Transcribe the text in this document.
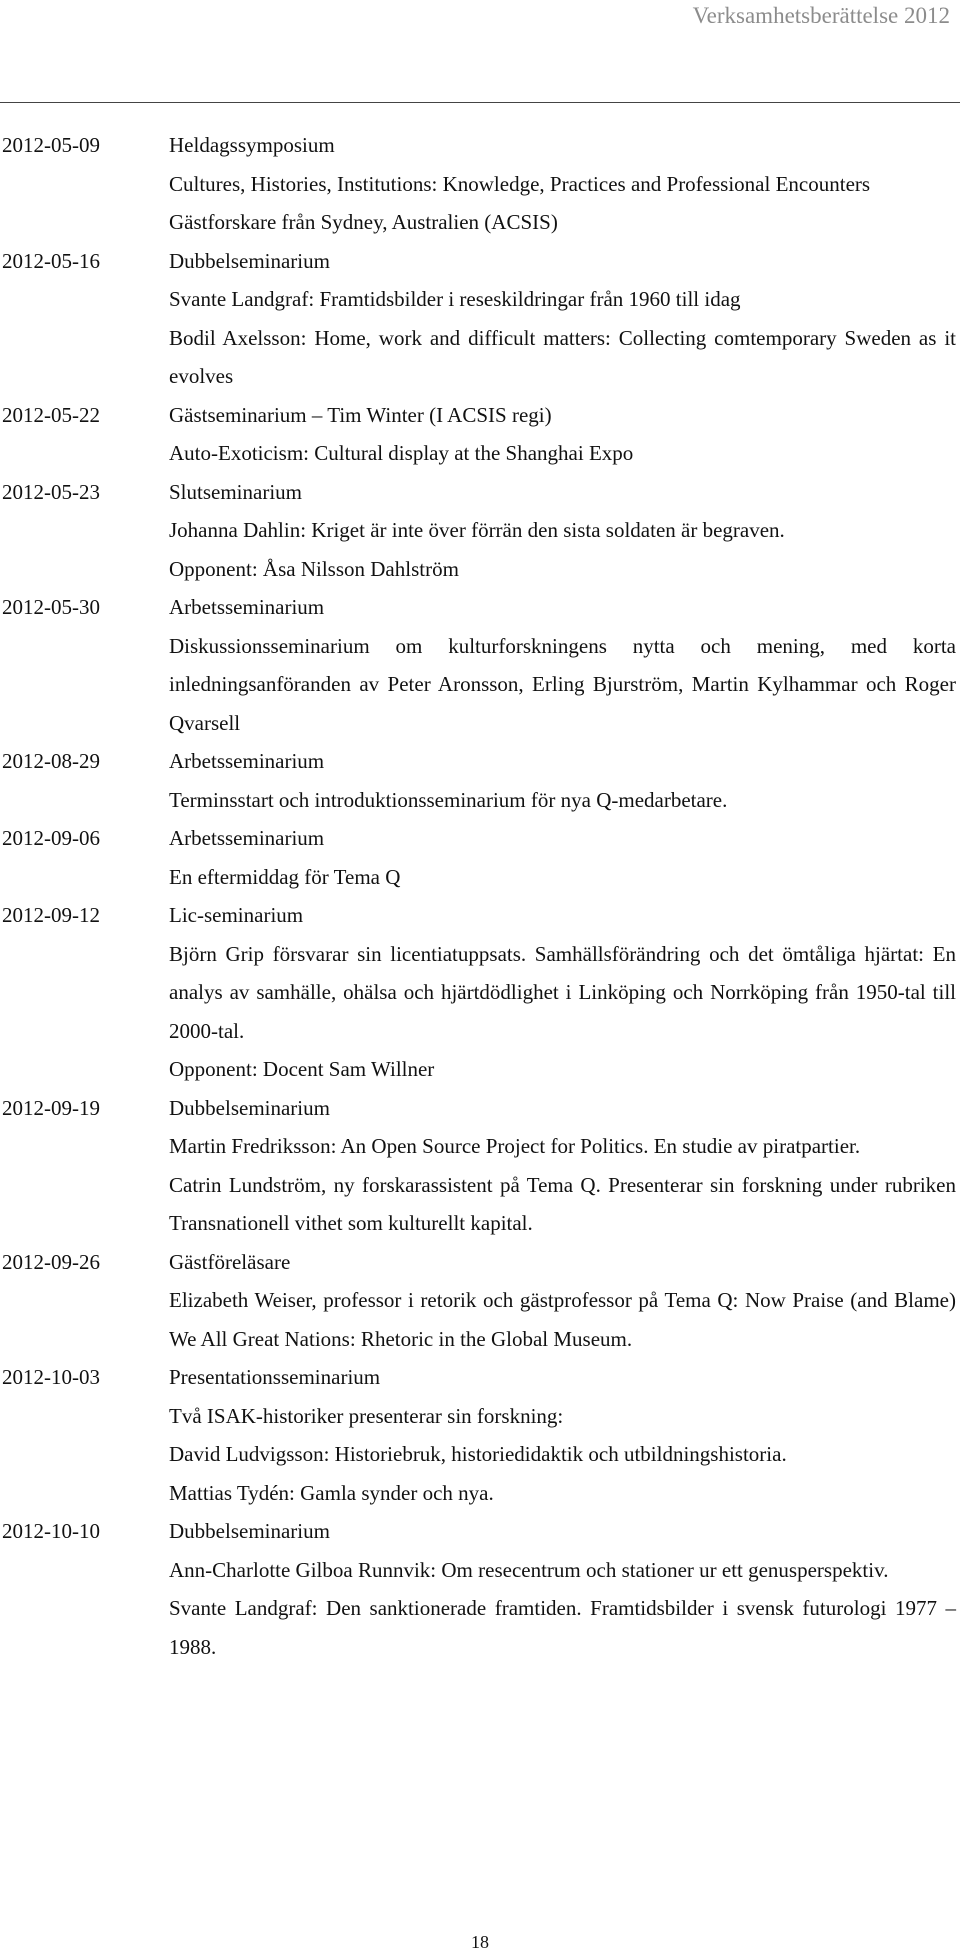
Verksamhetsberättelse 2012
2012-05-09	Heldagssymposium
Cultures, Histories, Institutions: Knowledge, Practices and Professional Encounters
Gästforskare från Sydney, Australien (ACSIS)
2012-05-16	Dubbelseminarium
Svante Landgraf: Framtidsbilder i reseskildringar från 1960 till idag
Bodil Axelsson: Home, work and difficult matters: Collecting comtemporary Sweden as it evolves
2012-05-22	Gästseminarium – Tim Winter (I ACSIS regi)
Auto-Exoticism: Cultural display at the Shanghai Expo
2012-05-23	Slutseminarium
Johanna Dahlin: Kriget är inte över förrän den sista soldaten är begraven.
Opponent: Åsa Nilsson Dahlström
2012-05-30	Arbetsseminarium
Diskussionsseminarium om kulturforskningens nytta och mening, med korta inledningsanföranden av Peter Aronsson, Erling Bjurström, Martin Kylhammar och Roger Qvarsell
2012-08-29	Arbetsseminarium
Terminsstart och introduktionsseminarium för nya Q-medarbetare.
2012-09-06	Arbetsseminarium
En eftermiddag för Tema Q
2012-09-12	Lic-seminarium
Björn Grip försvarar sin licentiatuppsats. Samhällsförändring och det ömtåliga hjärtat: En analys av samhälle, ohälsa och hjärtdödlighet i Linköping och Norrköping från 1950-tal till 2000-tal.
Opponent: Docent Sam Willner
2012-09-19	Dubbelseminarium
Martin Fredriksson: An Open Source Project for Politics. En studie av piratpartier.
Catrin Lundström, ny forskarassistent på Tema Q. Presenterar sin forskning under rubriken Transnationell vithet som kulturellt kapital.
2012-09-26	Gästföreläsare
Elizabeth Weiser, professor i retorik och gästprofessor på Tema Q: Now Praise (and Blame) We All Great Nations: Rhetoric in the Global Museum.
2012-10-03	Presentationsseminarium
Två ISAK-historiker presenterar sin forskning:
David Ludvigsson: Historiebruk, historiedidaktik och utbildningshistoria.
Mattias Tydén: Gamla synder och nya.
2012-10-10	Dubbelseminarium
Ann-Charlotte Gilboa Runnvik: Om resecentrum och stationer ur ett genusperspektiv.
Svante Landgraf: Den sanktionerade framtiden. Framtidsbilder i svensk futurologi 1977 – 1988.
18
